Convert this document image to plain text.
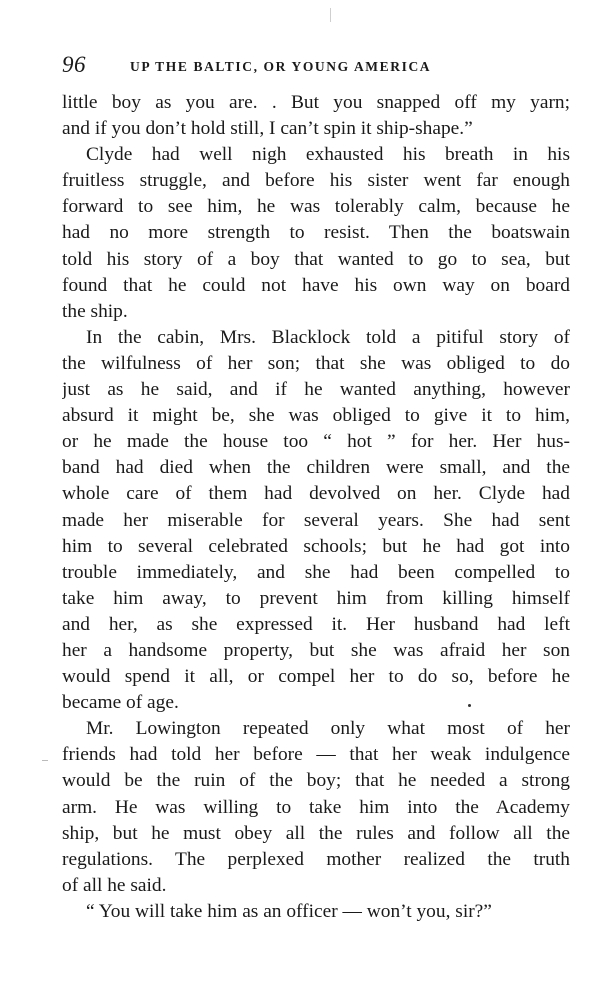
96	UP THE BALTIC, OR YOUNG AMERICA
little boy as you are. . But you snapped off my yarn;
and if you don’t hold still, I can’t spin it ship-shape.”
Clyde had well nigh exhausted his breath in his
fruitless struggle, and before his sister went far enough
forward to see him, he was tolerably calm, because he
had no more strength to resist. Then the boatswain
told his story of a boy that wanted to go to sea, but
found that he could not have his own way on board
the ship.
In the cabin, Mrs. Blacklock told a pitiful story of
the wilfulness of her son; that she was obliged to do
just as he said, and if he wanted anything, however
absurd it might be, she was obliged to give it to him,
or he made the house too “ hot ” for her. Her hus-
band had died when the children were small, and the
whole care of them had devolved on her. Clyde had
made her miserable for several years. She had sent
him to several celebrated schools; but he had got into
trouble immediately, and she had been compelled to
take him away, to prevent him from killing himself
and her, as she expressed it. Her husband had left
her a handsome property, but she was afraid her son
would spend it all, or compel her to do so, before he
became of age.
Mr. Lowington repeated only what most of her
friends had told her before — that her weak indulgence
would be the ruin of the boy; that he needed a strong
arm. He was willing to take him into the Academy
ship, but he must obey all the rules and follow all the
regulations. The perplexed mother realized the truth
of all he said.
“ You will take him as an officer — won’t you, sir?”
